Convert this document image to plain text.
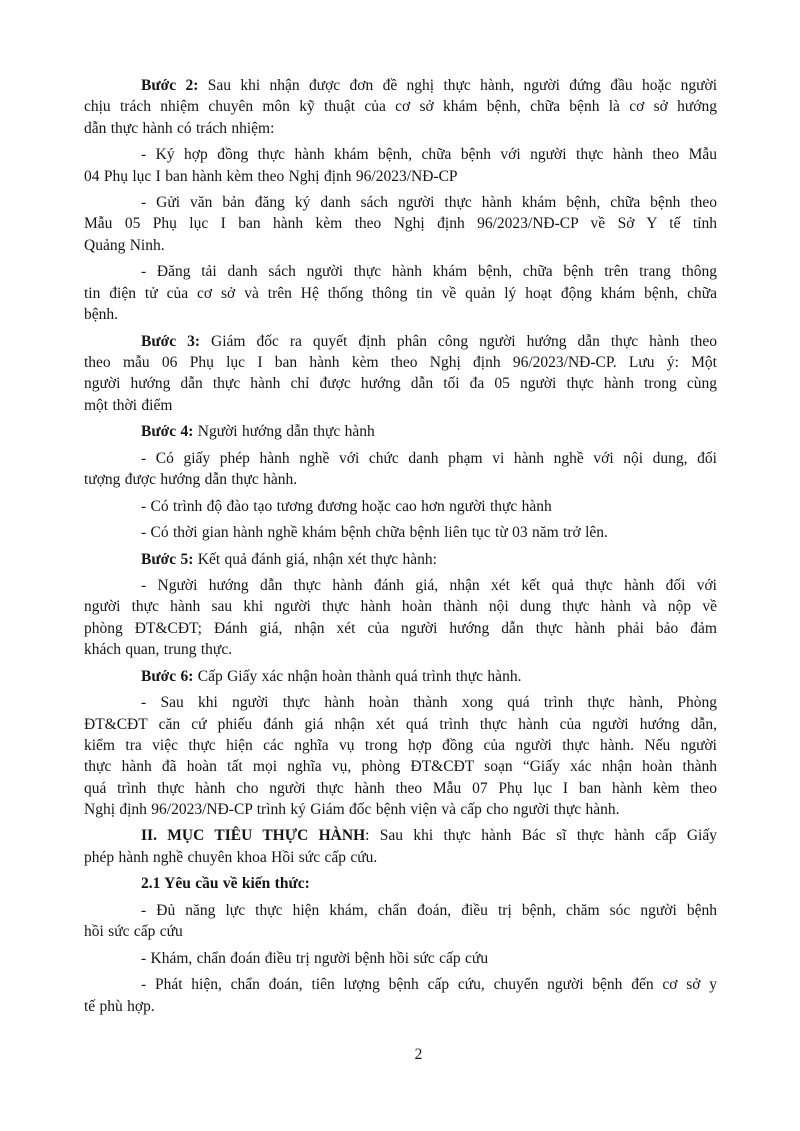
Bước 2: Sau khi nhận được đơn đề nghị thực hành, người đứng đầu hoặc người
chịu trách nhiệm chuyên môn kỹ thuật của cơ sở khám bệnh, chữa bệnh là cơ sở hướng
dẫn thực hành có trách nhiệm:
- Ký hợp đồng thực hành khám bệnh, chữa bệnh với người thực hành theo Mẫu
04 Phụ lục I ban hành kèm theo Nghị định 96/2023/NĐ-CP
- Gửi văn bản đăng ký danh sách người thực hành khám bệnh, chữa bệnh theo
Mẫu 05 Phụ lục I ban hành kèm theo Nghị định 96/2023/NĐ-CP về Sở Y tế tỉnh
Quảng Ninh.
- Đăng tải danh sách người thực hành khám bệnh, chữa bệnh trên trang thông
tin điện tử của cơ sở và trên Hệ thống thông tin về quản lý hoạt động khám bệnh, chữa
bệnh.
Bước 3: Giám đốc ra quyết định phân công người hướng dẫn thực hành theo
theo mẫu 06 Phụ lục I ban hành kèm theo Nghị định 96/2023/NĐ-CP. Lưu ý: Một
người hướng dẫn thực hành chỉ được hướng dẫn tối đa 05 người thực hành trong cùng
một thời điểm
Bước 4: Người hướng dẫn thực hành
- Có giấy phép hành nghề với chức danh phạm vi hành nghề với nội dung, đối
tượng được hướng dẫn thực hành.
- Có trình độ đào tạo tương đương hoặc cao hơn người thực hành
- Có thời gian hành nghề khám bệnh chữa bệnh liên tục từ 03 năm trở lên.
Bước 5: Kết quả đánh giá, nhận xét thực hành:
- Người hướng dẫn thực hành đánh giá, nhận xét kết quả thực hành đối với
người thực hành sau khi người thực hành hoàn thành nội dung thực hành và nộp về
phòng ĐT&CĐT; Đánh giá, nhận xét của người hướng dẫn thực hành phải bảo đảm
khách quan, trung thực.
Bước 6: Cấp Giấy xác nhận hoàn thành quá trình thực hành.
- Sau khi người thực hành hoàn thành xong quá trình thực hành, Phòng
ĐT&CĐT căn cứ phiếu đánh giá nhận xét quá trình thực hành của người hướng dẫn,
kiểm tra việc thực hiện các nghĩa vụ trong hợp đồng của người thực hành. Nếu người
thực hành đã hoàn tất mọi nghĩa vụ, phòng ĐT&CĐT soạn “Giấy xác nhận hoàn thành
quá trình thực hành cho người thực hành theo Mẫu 07 Phụ lục I ban hành kèm theo
Nghị định 96/2023/NĐ-CP trình ký Giám đốc bệnh viện và cấp cho người thực hành.
II. MỤC TIÊU THỰC HÀNH: Sau khi thực hành Bác sĩ thực hành cấp Giấy
phép hành nghề chuyên khoa Hồi sức cấp cứu.
2.1 Yêu cầu về kiến thức:
- Đủ năng lực thực hiện khám, chẩn đoán, điều trị bệnh, chăm sóc người bệnh
hồi sức cấp cứu
- Khám, chẩn đoán điều trị người bệnh hồi sức cấp cứu
- Phát hiện, chẩn đoán, tiên lượng bệnh cấp cứu, chuyển người bệnh đến cơ sở y
tế phù hợp.
2
